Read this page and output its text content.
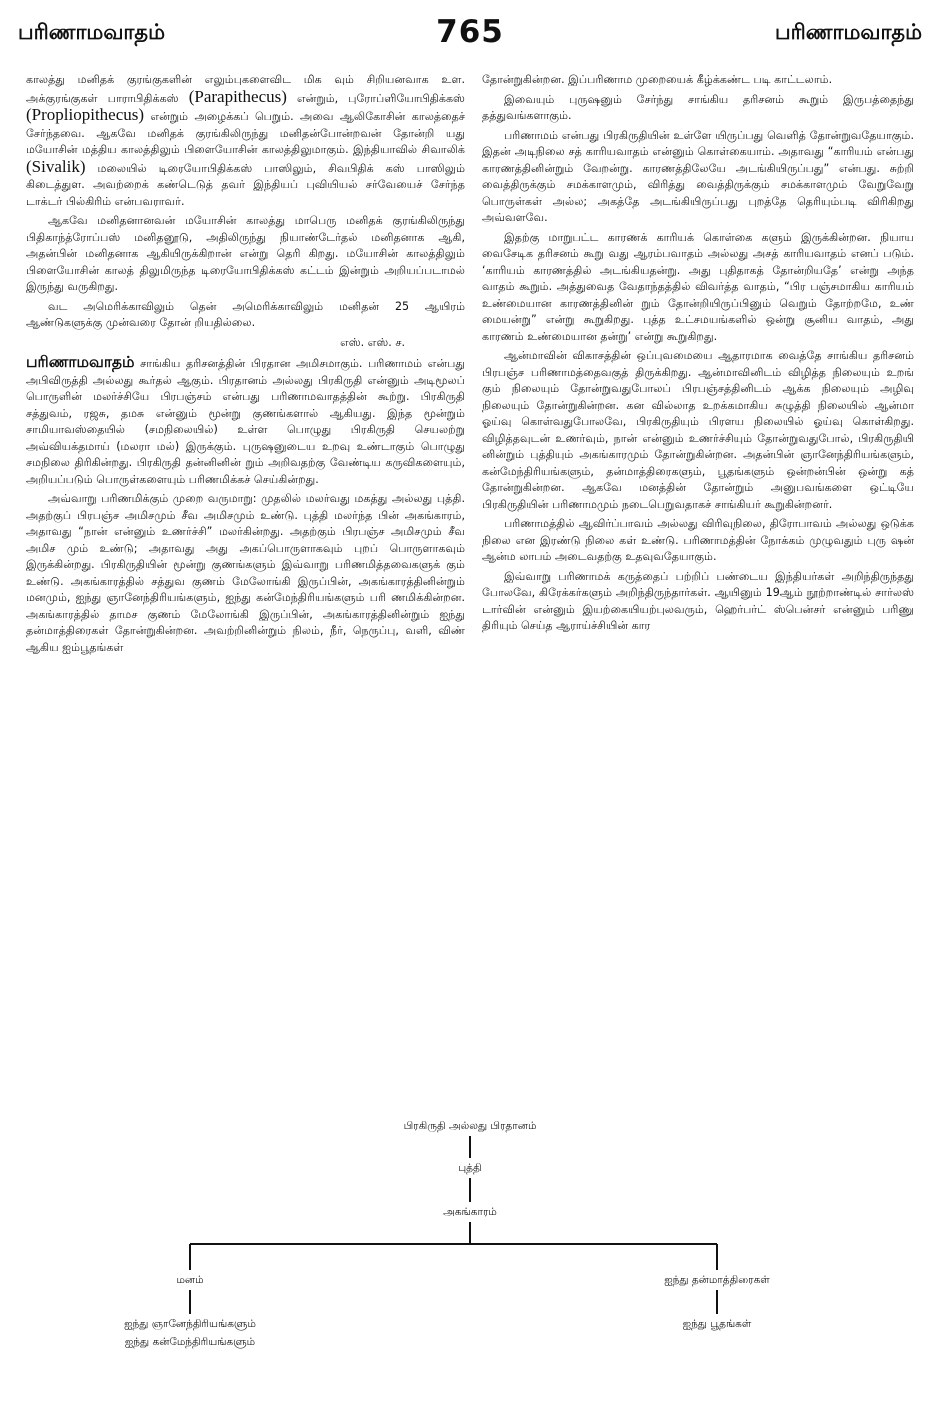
பரிணாமவாதம்	765	பரிணாமவாதம்

காலத்து மனிதக் குரங்குகளின் எலும்புகளைவிட மிக வும் சிறியனவாக உள. அக்குரங்குகள் பாராபிதிக்கஸ் (Parapithecus) என்றும், புரோப்ளியோபிதிக்கஸ் (Propliopithecus) என்றும் அழைக்கப் பெறும். அவை ஆலிகோசின் காலத்தைச் சேர்ந்தவை. ஆகவே மனிதக் குரங்கிலிருந்து மனிதன்போன்றவன் தோன்றி யது மயோசின் மத்திய காலத்திலும் பிளையோசின் காலத்திலுமாகும். இந்தியாவில் சிவாலிக் (Sivalik) மலையில் டிரையோபிதிக்கஸ் பாஸிலும், சிவபிதிக் கஸ் பாஸிலும் கிடைத்துள. அவற்றைக் கண்டெடுத் தவர் இந்தியப் புவியியல் சர்வேயைச் சேர்ந்த டாக்டர் பில்கிரிம் என்பவராவர்.

ஆகவே மனிதனானவன் மயோசின் காலத்து மாபெரு மனிதக் குரங்கிலிருந்து பிதிகாந்த்ரோப்பஸ் மனிதனூடு, அதிலிருந்து நியாண்டேர்தல் மனிதனாக ஆகி, அதன்பின் மனிதனாக ஆகியிருக்கிறான் என்று தெரி கிறது. மயோசின் காலத்திலும் பிளையோசின் காலத் திலுமிருந்த டிரையோபிதிக்கஸ் கட்டம் இன்றும் அறியப்படாமல் இருந்து வருகிறது.

வட அமெரிக்காவிலும் தென் அமெரிக்காவிலும் மனிதன் 25 ஆயிரம் ஆண்டுகளுக்கு முன்வரை தோன் றியதில்லை.

எஸ். எஸ். ச.

பரிணாமவாதம் சாங்கிய தரிசனத்தின் பிரதான அமிசமாகும். பரிணாமம் என்பது அபிவிருத்தி அல்லது கூர்தல் ஆகும். பிரதானம் அல்லது பிரகிருதி என்னும் அடிமூலப் பொருளின் மலர்ச்சியே பிரபஞ்சம் என்பது பரிணாமவாதத்தின் கூற்று. பிரகிருதி சத்துவம், ரஜசு, தமசு என்னும் மூன்று குணங்களால் ஆகியது. இந்த மூன்றும் சாமியாவஸ்தையில் (சமநிலையில்) உள்ள பொழுது பிரகிருதி செயலற்று அவ்வியக்தமாய் (மலரா மல்) இருக்கும். புருஷனுடைய உறவு உண்டாகும் பொழுது சமநிலை திரிகின்றது. பிரகிருதி தன்னினின் றும் அறிவதற்கு வேண்டிய கருவிகளையும், அறியப்படும் பொருள்களையும் பரிணமிக்கச் செய்கின்றது.

அவ்வாறு பரிணமிக்கும் முறை வருமாறு: முதலில் மலர்வது மகத்து அல்லது புத்தி. அதற்குப் பிரபஞ்ச அமிசமும் சீவ அமிசமும் உண்டு. புத்தி மலர்ந்த பின் அகங்காரம், அதாவது “நான் என்னும் உணர்ச்சி” மலர்கின்றது. அதற்கும் பிரபஞ்ச அமிசமும் சீவ அமிச மும் உண்டு; அதாவது அது அகப்பொருளாகவும் புறப் பொருளாகவும் இருக்கின்றது. பிரகிருதியின் மூன்று குணங்களும் இவ்வாறு பரிணமித்தவைகளுக் கும் உண்டு. அகங்காரத்தில் சத்துவ குணம் மேலோங்கி இருப்பின், அகங்காரத்தினின்றும் மனமும், ஐந்து ஞானேந்திரியங்களும், ஐந்து கன்மேந்திரியங்களும் பரி ணமிக்கின்றன. அகங்காரத்தில் தாமச குணம் மேலோங்கி இருப்பின், அகங்காரத்தினின்றும் ஐந்து தன்மாத்திரைகள் தோன்றுகின்றன. அவற்றினின்றும் நிலம், நீர், நெருப்பு, வளி, விண் ஆகிய ஐம்பூதங்கள்

தோன்றுகின்றன. இப்பரிணாம முறையைக் கீழ்க்கண்ட படி காட்டலாம்.

இவையும் புருஷனும் சேர்ந்து சாங்கிய தரிசனம் கூறும் இருபத்தைந்து தத்துவங்களாகும்.

பரிணாமம் என்பது பிரகிருதியின் உள்ளே யிருப்பது வெளித் தோன்றுவதேயாகும். இதன் அடிநிலை சத் காரியவாதம் என்னும் கொள்கையாம். அதாவது “காரியம் என்பது காரணத்தினின்றும் வேறன்று. காரணத்திலேயே அடங்கியிருப்பது” என்பது. சுற்றி வைத்திருக்கும் சமக்காளமும், விரித்து வைத்திருக்கும் சமக்காளமும் வேறுவேறு பொருள்கள் அல்ல; அகத்தே அடங்கியிருப்பது புறத்தே தெரியும்படி விரிகிறது அவ்வளவே.

இதற்கு மாறுபட்ட காரணக் காரியக் கொள்கை களும் இருக்கின்றன. நியாய வைசேடிக தரிசனம் கூறு வது ஆரம்பவாதம் அல்லது அசத் காரியவாதம் எனப் படும். ‘காரியம் காரணத்தில் அடங்கியதன்று. அது புதிதாகத் தோன்றியதே’ என்று அந்த வாதம் கூறும். அத்துவைத வேதாந்தத்தில் விவர்த்த வாதம், “பிர பஞ்சமாகிய காரியம் உண்மையான காரணத்தினின் றும் தோன்றியிருப்பினும் வெறும் தோற்றமே, உண் மையன்று” என்று கூறுகிறது. புத்த உட்சமயங்களில் ஒன்று சூனிய வாதம், அது காரணம் உண்மையான தன்று’ என்று கூறுகிறது.

ஆன்மாவின் விகாசத்தின் ஒப்புவமையை ஆதாரமாக வைத்தே சாங்கிய தரிசனம் பிரபஞ்ச பரிணாமத்தைவகுத் திருக்கிறது. ஆன்மாவினிடம் விழித்த நிலையும் உறங் கும் நிலையும் தோன்றுவதுபோலப் பிரபஞ்சத்தினிடம் ஆக்க நிலையும் அழிவு நிலையும் தோன்றுகின்றன. கன வில்லாத உறக்கமாகிய சுழுத்தி நிலையில் ஆன்மா ஓய்வு கொள்வதுபோலவே, பிரகிருதியும் பிரளய நிலையில் ஓய்வு கொள்கிறது. விழித்தவுடன் உணர்வும், நான் என்னும் உணர்ச்சியும் தோன்றுவதுபோல், பிரகிருதியி னின்றும் புத்தியும் அகங்காரமும் தோன்றுகின்றன. அதன்பின் ஞானேந்திரியங்களும், கன்மேந்திரியங்களும், தன்மாத்திரைகளும், பூதங்களும் ஒன்றன்பின் ஒன்று கத் தோன்றுகின்றன. ஆகவே மனத்தின் தோன்றும் அனுபவங்களை ஒட்டியே பிரகிருதியின் பரிணாமமும் நடைபெறுவதாகச் சாங்கியர் கூறுகின்றனர்.

பரிணாமத்தில் ஆவிர்ப்பாவம் அல்லது விரிவுநிலை, திரோபாவம் அல்லது ஒடுக்க நிலை என இரண்டு நிலை கள் உண்டு. பரிணாமத்தின் நோக்கம் முழுவதும் புரு ஷன் ஆன்ம லாபம் அடைவதற்கு உதவுவதேயாகும்.

இவ்வாறு பரிணாமக் கருத்தைப் பற்றிப் பண்டைய இந்தியர்கள் அறிந்திருந்தது போலவே, கிரேக்கர்களும் அறிந்திருந்தார்கள். ஆயினும் 19ஆம் நூற்றாண்டில் சார்லஸ் டார்வின் என்னும் இயற்கையியற்புலவரும், ஹெர்பர்ட் ஸ்பென்சர் என்னும் பரிணு திரியும் செய்த ஆராய்ச்சியின் கார

பிரகிருதி அல்லது பிரதானம்
புத்தி
அகங்காரம்
மனம்	ஐந்து தன்மாத்திரைகள்
ஐந்து ஞானேந்திரியங்களும்
ஐந்து கன்மேந்திரியங்களும்
ஐந்து பூதங்கள்
